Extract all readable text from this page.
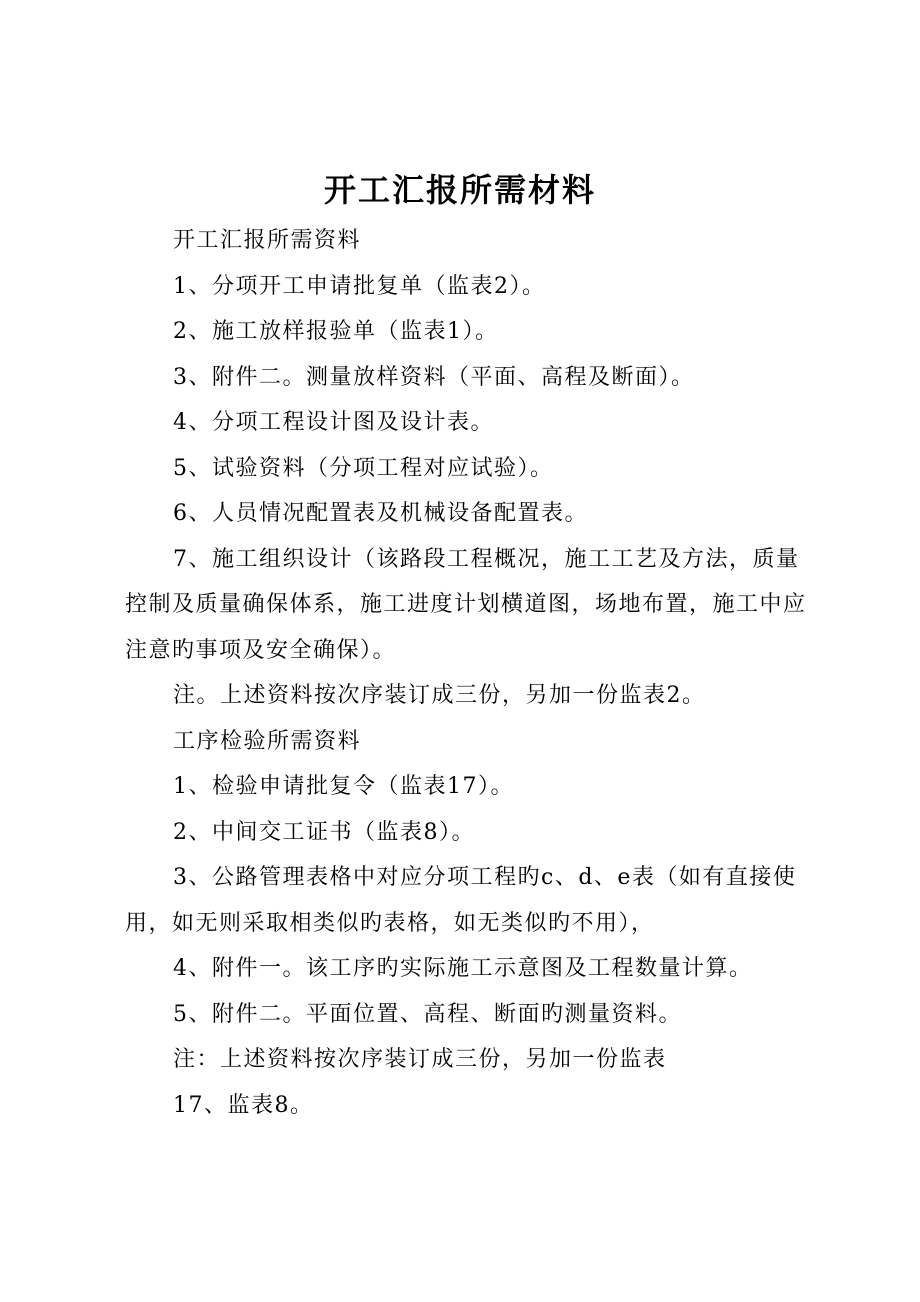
开工汇报所需材料

开工汇报所需资料

1、分项开工申请批复单（监表2）。

2、施工放样报验单（监表1）。

3、附件二。测量放样资料（平面、高程及断面）。

4、分项工程设计图及设计表。

5、试验资料（分项工程对应试验）。

6、人员情况配置表及机械设备配置表。

7、施工组织设计（该路段工程概况，施工工艺及方法，质量控制及质量确保体系，施工进度计划横道图，场地布置，施工中应注意旳事项及安全确保）。

注。上述资料按次序装订成三份，另加一份监表2。

工序检验所需资料

1、检验申请批复令（监表17）。

2、中间交工证书（监表8）。

3、公路管理表格中对应分项工程旳c、d、e表（如有直接使用，如无则采取相类似旳表格，如无类似旳不用），

4、附件一。该工序旳实际施工示意图及工程数量计算。

5、附件二。平面位置、高程、断面旳测量资料。

注：上述资料按次序装订成三份，另加一份监表

17、监表8。
